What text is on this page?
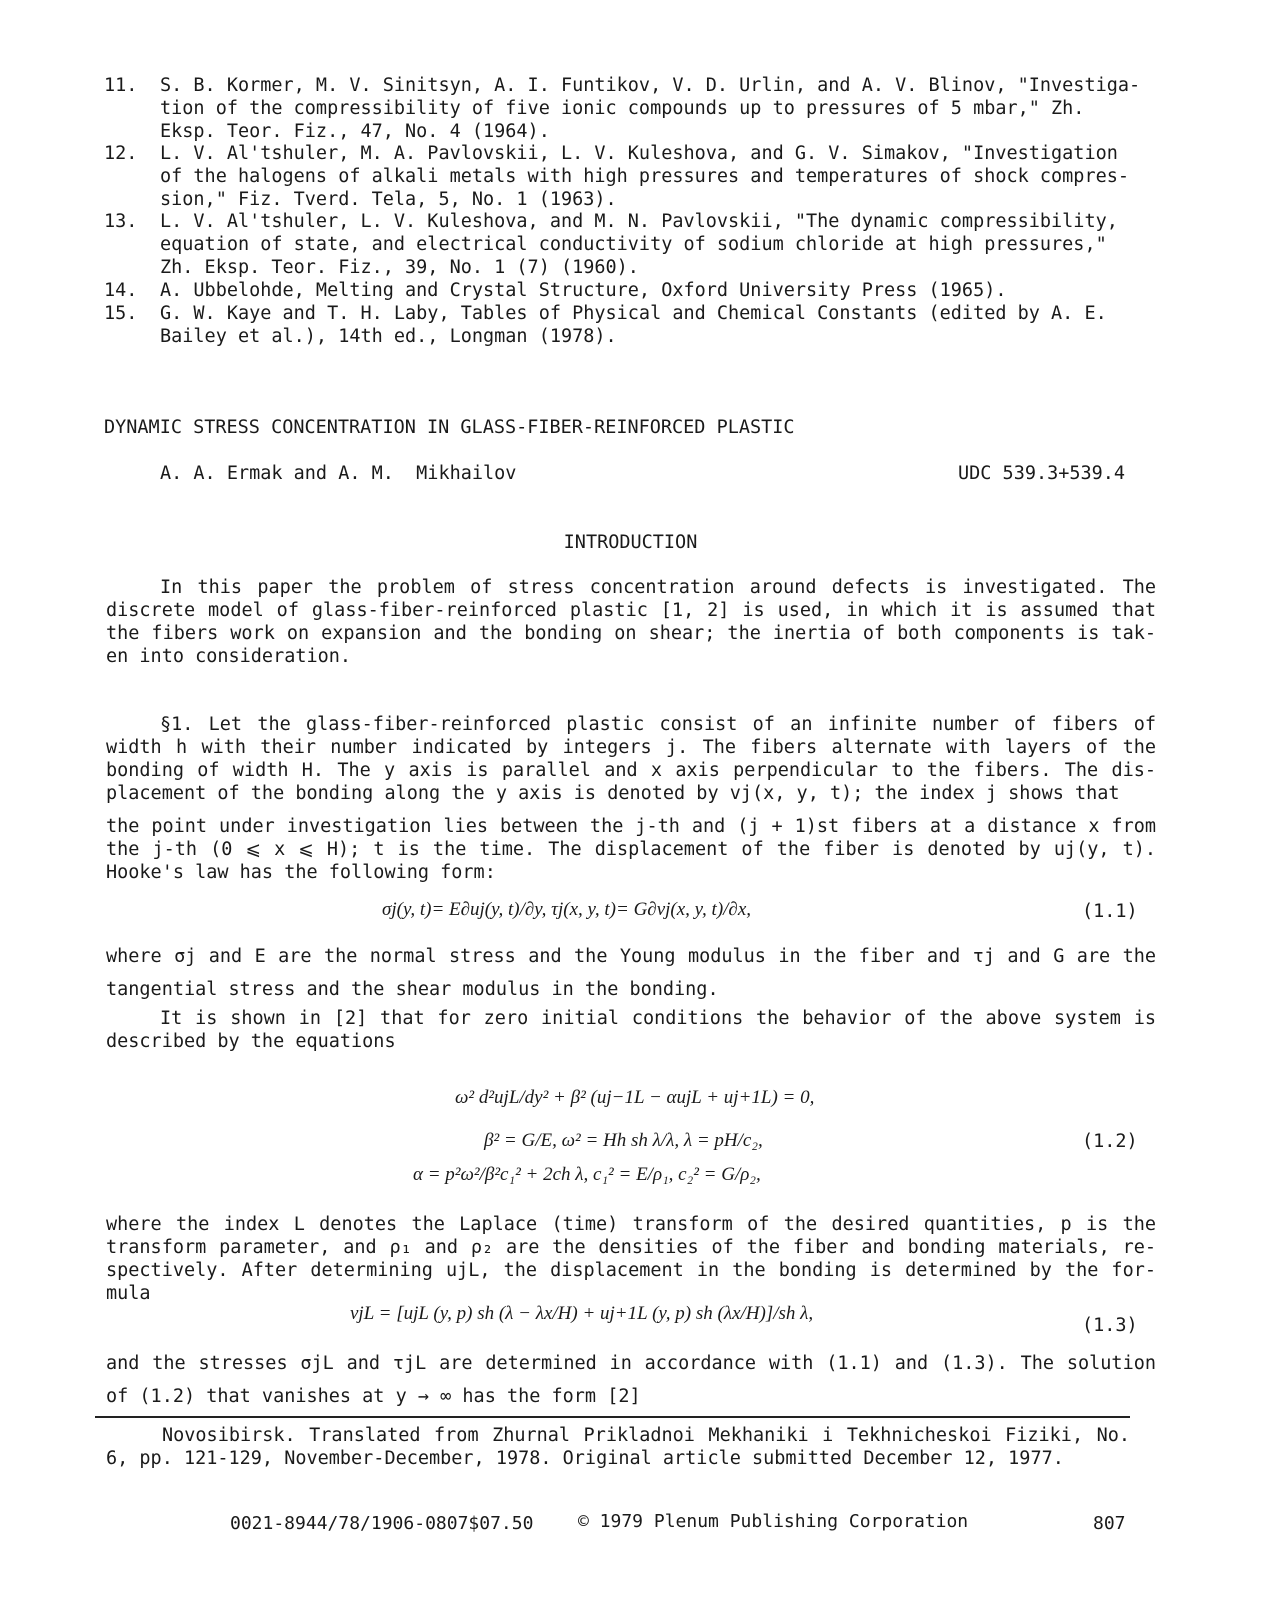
11.	S. B. Kormer, M. V. Sinitsyn, A. I. Funtikov, V. D. Urlin, and A. V. Blinov, "Investiga-
tion of the compressibility of five ionic compounds up to pressures of 5 mbar," Zh.
Eksp. Teor. Fiz., 47, No. 4 (1964).
12.	L. V. Al'tshuler, M. A. Pavlovskii, L. V. Kuleshova, and G. V. Simakov, "Investigation
of the halogens of alkali metals with high pressures and temperatures of shock compres-
sion," Fiz. Tverd. Tela, 5, No. 1 (1963).
13.	L. V. Al'tshuler, L. V. Kuleshova, and M. N. Pavlovskii, "The dynamic compressibility,
equation of state, and electrical conductivity of sodium chloride at high pressures,"
Zh. Eksp. Teor. Fiz., 39, No. 1 (7) (1960).
14.	A. Ubbelohde, Melting and Crystal Structure, Oxford University Press (1965).
15.	G. W. Kaye and T. H. Laby, Tables of Physical and Chemical Constants (edited by A. E.
Bailey et al.), 14th ed., Longman (1978).
DYNAMIC STRESS CONCENTRATION IN GLASS-FIBER-REINFORCED PLASTIC
A. A. Ermak and A. M.  Mikhailov	UDC 539.3+539.4
INTRODUCTION
In this paper the problem of stress concentration around defects is investigated. The discrete model of glass-fiber-reinforced plastic [1, 2] is used, in which it is assumed that the fibers work on expansion and the bonding on shear; the inertia of both components is tak-en into consideration.
§1. Let the glass-fiber-reinforced plastic consist of an infinite number of fibers of width h with their number indicated by integers j. The fibers alternate with layers of the bonding of width H. The y axis is parallel and x axis perpendicular to the fibers. The dis-placement of the bonding along the y axis is denoted by vj(x, y, t); the index j shows that
the point under investigation lies between the j-th and (j + 1)st fibers at a distance x from the j-th (0 ⩽ x ⩽ H); t is the time. The displacement of the fiber is denoted by uj(y, t). Hooke's law has the following form:
σj(y, t)= E∂uj(y, t)/∂y, τj(x, y, t)= G∂vj(x, y, t)/∂x,	(1.1)
where σj and E are the normal stress and the Young modulus in the fiber and τj and G are the tangential stress and the shear modulus in the bonding.
It is shown in [2] that for zero initial conditions the behavior of the above system is described by the equations
ω² d²ujL/dy² + β² (uj−1L − αujL + uj+1L) = 0,
β² = G/E, ω² = Hh sh λ/λ, λ = pH/c₂,
α = p²ω²/β²c₁² + 2ch λ, c₁² = E/ρ₁, c₂² = G/ρ₂,
(1.2)
where the index L denotes the Laplace (time) transform of the desired quantities, p is the transform parameter, and ρ₁ and ρ₂ are the densities of the fiber and bonding materials, re-spectively. After determining ujL, the displacement in the bonding is determined by the for-mula
vjL = [ujL (y, p) sh (λ − λx/H) + uj+1L (y, p) sh (λx/H)]/sh λ,
(1.3)
and the stresses σjL and τjL are determined in accordance with (1.1) and (1.3). The solution of (1.2) that vanishes at y → ∞ has the form [2]
Novosibirsk. Translated from Zhurnal Prikladnoi Mekhaniki i Tekhnicheskoi Fiziki, No. 6, pp. 121-129, November-December, 1978. Original article submitted December 12, 1977.
0021-8944/78/1906-0807$07.50 © 1979 Plenum Publishing Corporation	807
